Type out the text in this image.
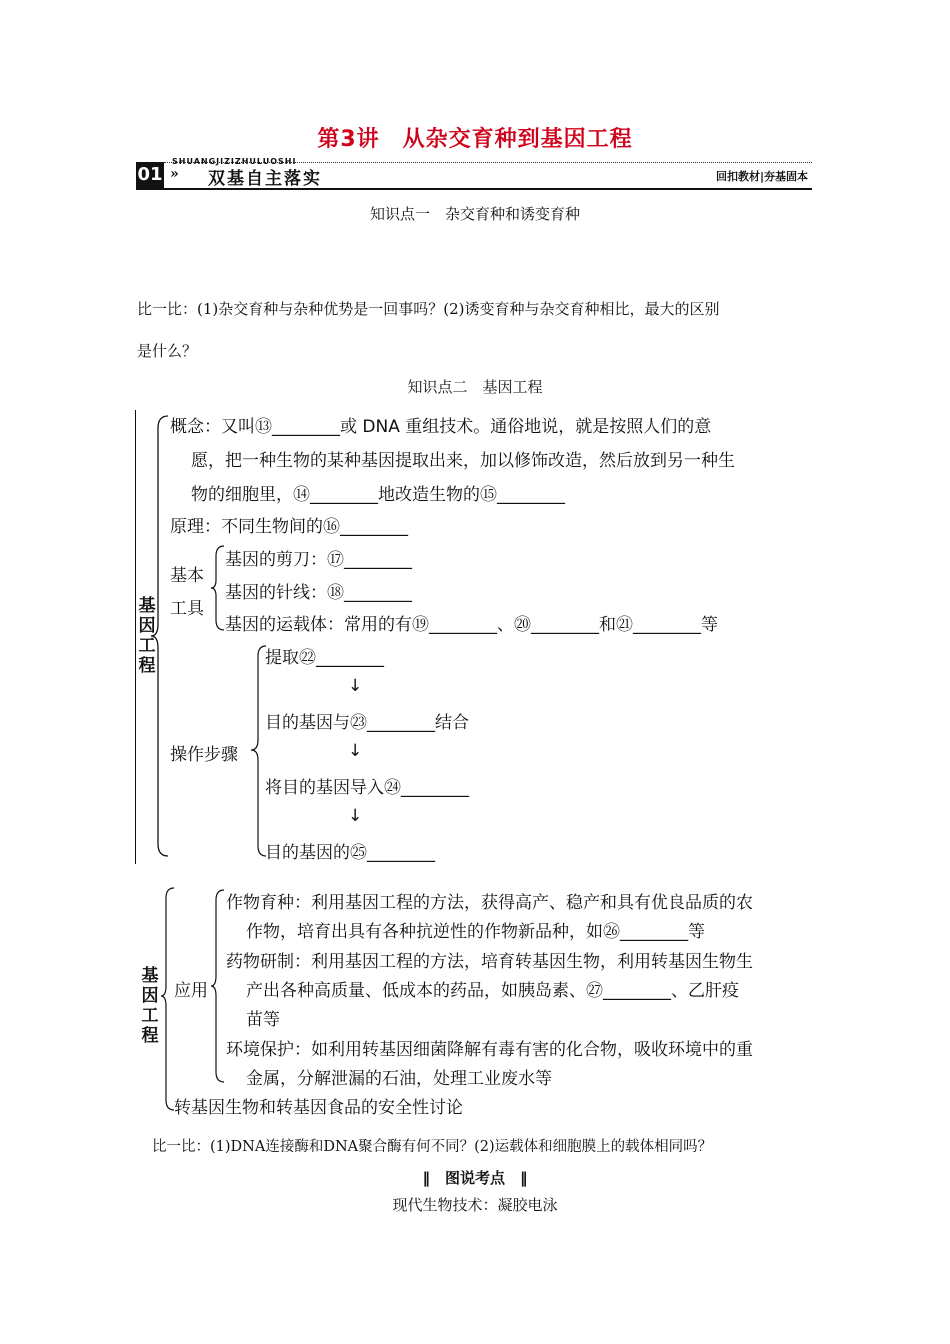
第3讲　从杂交育种到基因工程
SHUANGJIZIZHULUOSHI
01 » 双基自主落实	回扣教材|夯基固本
知识点一　杂交育种和诱变育种
比一比：(1)杂交育种与杂种优势是一回事吗？(2)诱变育种与杂交育种相比，最大的区别
是什么？
知识点二　基因工程
基因工程
概念：又叫⑬________或 DNA 重组技术。通俗地说，就是按照人们的意
愿，把一种生物的某种基因提取出来，加以修饰改造，然后放到另一种生
物的细胞里，⑭________地改造生物的⑮________
原理：不同生物间的⑯________
基本
工具
基因的剪刀：⑰________
基因的针线：⑱________
基因的运载体：常用的有⑲________、⑳________和㉑________等
操作步骤
提取㉒________
↓
目的基因与㉓________结合
↓
将目的基因导入㉔________
↓
目的基因的㉕________
基因工程
应用
作物育种：利用基因工程的方法，获得高产、稳产和具有优良品质的农
作物，培育出具有各种抗逆性的作物新品种，如㉖________等
药物研制：利用基因工程的方法，培育转基因生物，利用转基因生物生
产出各种高质量、低成本的药品，如胰岛素、㉗________、乙肝疫
苗等
环境保护：如利用转基因细菌降解有毒有害的化合物，吸收环境中的重
金属，分解泄漏的石油，处理工业废水等
转基因生物和转基因食品的安全性讨论
比一比：(1)DNA连接酶和DNA聚合酶有何不同？(2)运载体和细胞膜上的载体相同吗？
‖　图说考点　‖
现代生物技术：凝胶电泳
